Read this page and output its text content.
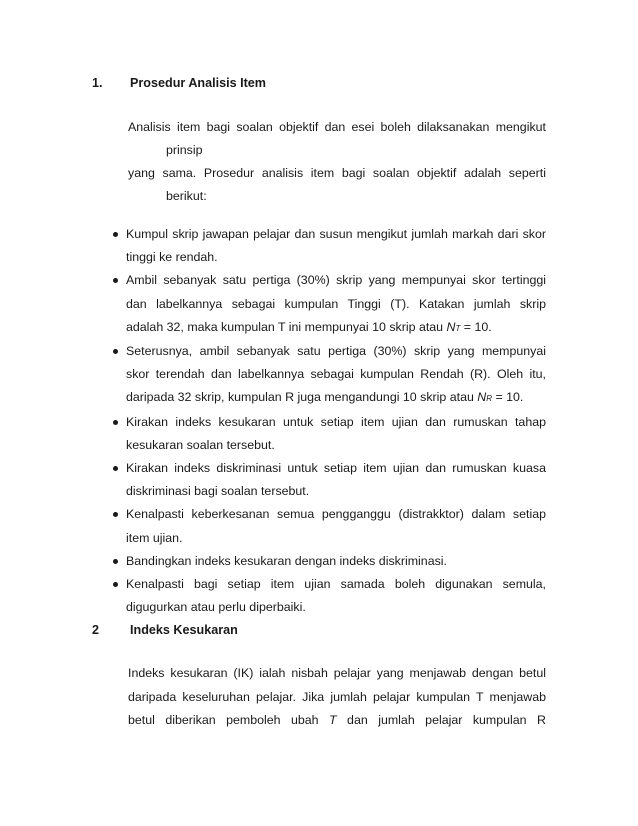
1. Prosedur Analisis Item
Analisis item bagi soalan objektif dan esei boleh dilaksanakan mengikut
prinsip
yang sama. Prosedur analisis item bagi soalan objektif adalah seperti
berikut:
Kumpul skrip jawapan pelajar dan susun mengikut jumlah markah dari skor
tinggi ke rendah.
Ambil sebanyak satu pertiga (30%) skrip yang mempunyai skor tertinggi
dan labelkannya sebagai kumpulan Tinggi (T). Katakan jumlah skrip
adalah 32, maka kumpulan T ini mempunyai 10 skrip atau NT = 10.
Seterusnya, ambil sebanyak satu pertiga (30%) skrip yang mempunyai
skor terendah dan labelkannya sebagai kumpulan Rendah (R). Oleh itu,
daripada 32 skrip, kumpulan R juga mengandungi 10 skrip atau NR = 10.
Kirakan indeks kesukaran untuk setiap item ujian dan rumuskan tahap
kesukaran soalan tersebut.
Kirakan indeks diskriminasi untuk setiap item ujian dan rumuskan kuasa
diskriminasi bagi soalan tersebut.
Kenalpasti keberkesanan semua pengganggu (distrakktor) dalam setiap
item ujian.
Bandingkan indeks kesukaran dengan indeks diskriminasi.
Kenalpasti bagi setiap item ujian samada boleh digunakan semula,
digugurkan atau perlu diperbaiki.
2 Indeks Kesukaran
Indeks kesukaran (IK) ialah nisbah pelajar yang menjawab dengan betul
daripada keseluruhan pelajar. Jika jumlah pelajar kumpulan T menjawab
betul diberikan pemboleh ubah T dan jumlah pelajar kumpulan R
